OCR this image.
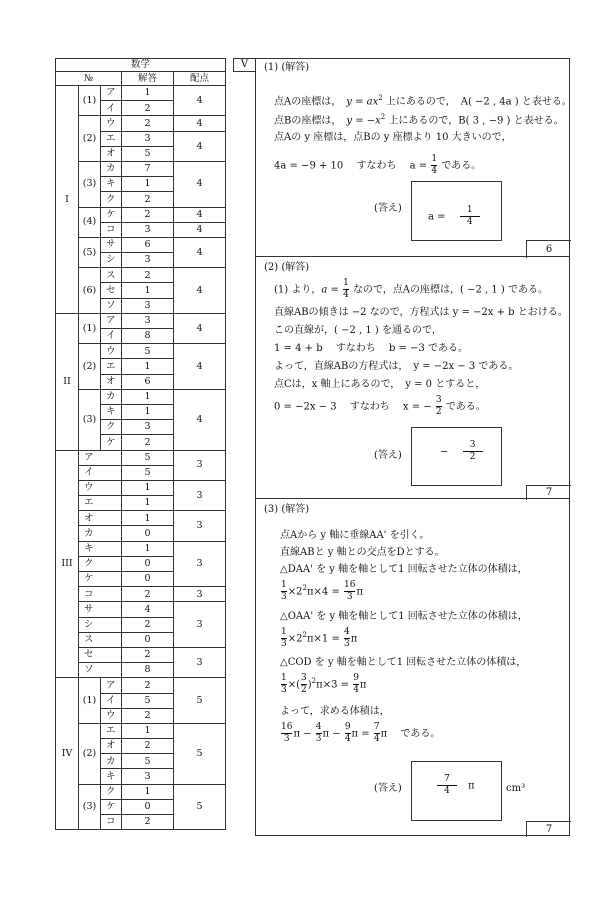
数学				
№			解答	配点
I	(1)	ア	1	4
		イ	2	
	(2)	ウ	2	4
		エ	3	4
		オ	5	
	(3)	カ	7	4
		キ	1	
		ク	2	
	(4)	ケ	2	4
		コ	3	4
	(5)	サ	6	4
		シ	3	
	(6)	ス	2	4
		セ	1	
		ソ	3	
II	(1)	ア	3	4
		イ	8	
	(2)	ウ	5	4
		エ	1	
		オ	6	
	(3)	カ	1	4
		キ	1	
		ク	3	
		ケ	2	
III	ア		5	3
	イ		5	
	ウ		1	3
	エ		1	
	オ		1	3
	カ		0	
	キ		1	3
	ク		0	
	ケ		0	
	コ		2	3
	サ		4	3
	シ		2	
	ス		0	
	セ		2	3
	ソ		8	
IV	(1)	ア	2	5
		イ	5	
		ウ	2	
	(2)	エ	1	5
		オ	2	
		カ	5	
		キ	3	
	(3)	ク	1	5
		ケ	0	
		コ	2	
V	(1) (解答)
点Aの座標は，　 $y = ax^2$ 上にあるので，　 A( −2 , 4a ) と表せる。
点Bの座標は，　 $y = -x^2$ 上にあるので，B( 3 , −9 ) と表せる。
点Aの y 座標は，点Bの y 座標より 10 大きいので，
4a = −9 + 10　 すなわち　 $a = \frac{1}{4}$ である。
(答え)
a =　 $\frac{1}{4}$
6
(2) (解答)
(1) より，$a = \frac{1}{4}$ なので，点Aの座標は，( −2 , 1 ) である。
直線ABの傾きは −2 なので，方程式は y = −2x + b とおける。
この直線が，( −2 , 1 ) を通るので，
1 = 4 + b　 すなわち　 b = −3 である。
よって，直線ABの方程式は，　y = −2x − 3 である。
点Cは，x 軸上にあるので，　y = 0 とすると，
0 = −2x − 3　 すなわち　 x = − $\frac{3}{2}$ である。
(答え)	−　 $\frac{3}{2}$
7
(3) (解答)
点Aから y 軸に垂線AA' を引く。
直線ABと y 軸との交点をDとする。
△DAA' を y 軸を軸として1 回転させた立体の体積は，
$\frac{1}{3} \times 2^2\pi\times 4 = \frac{16}{3}$ π
△OAA' を y 軸を軸として1 回転させた立体の体積は，
$\frac{1}{3} \times 2^2\pi\times 1 = \frac{4}{3}$ π
△COD を y 軸を軸として1 回転させた立体の体積は，
$\frac{1}{3}$ ×( $\frac{3}{2} )^2\pi\times 3 = \frac{9}{4}$ π
よって，求める体積は，
$\frac{16}{3}$ $\pi - \frac{4}{3}$ $\pi - \frac{9}{4}$ $\pi = \frac{7}{4}$ π　 である。
(答え)	$\frac{7}{4}$
　 π	cm³
7
